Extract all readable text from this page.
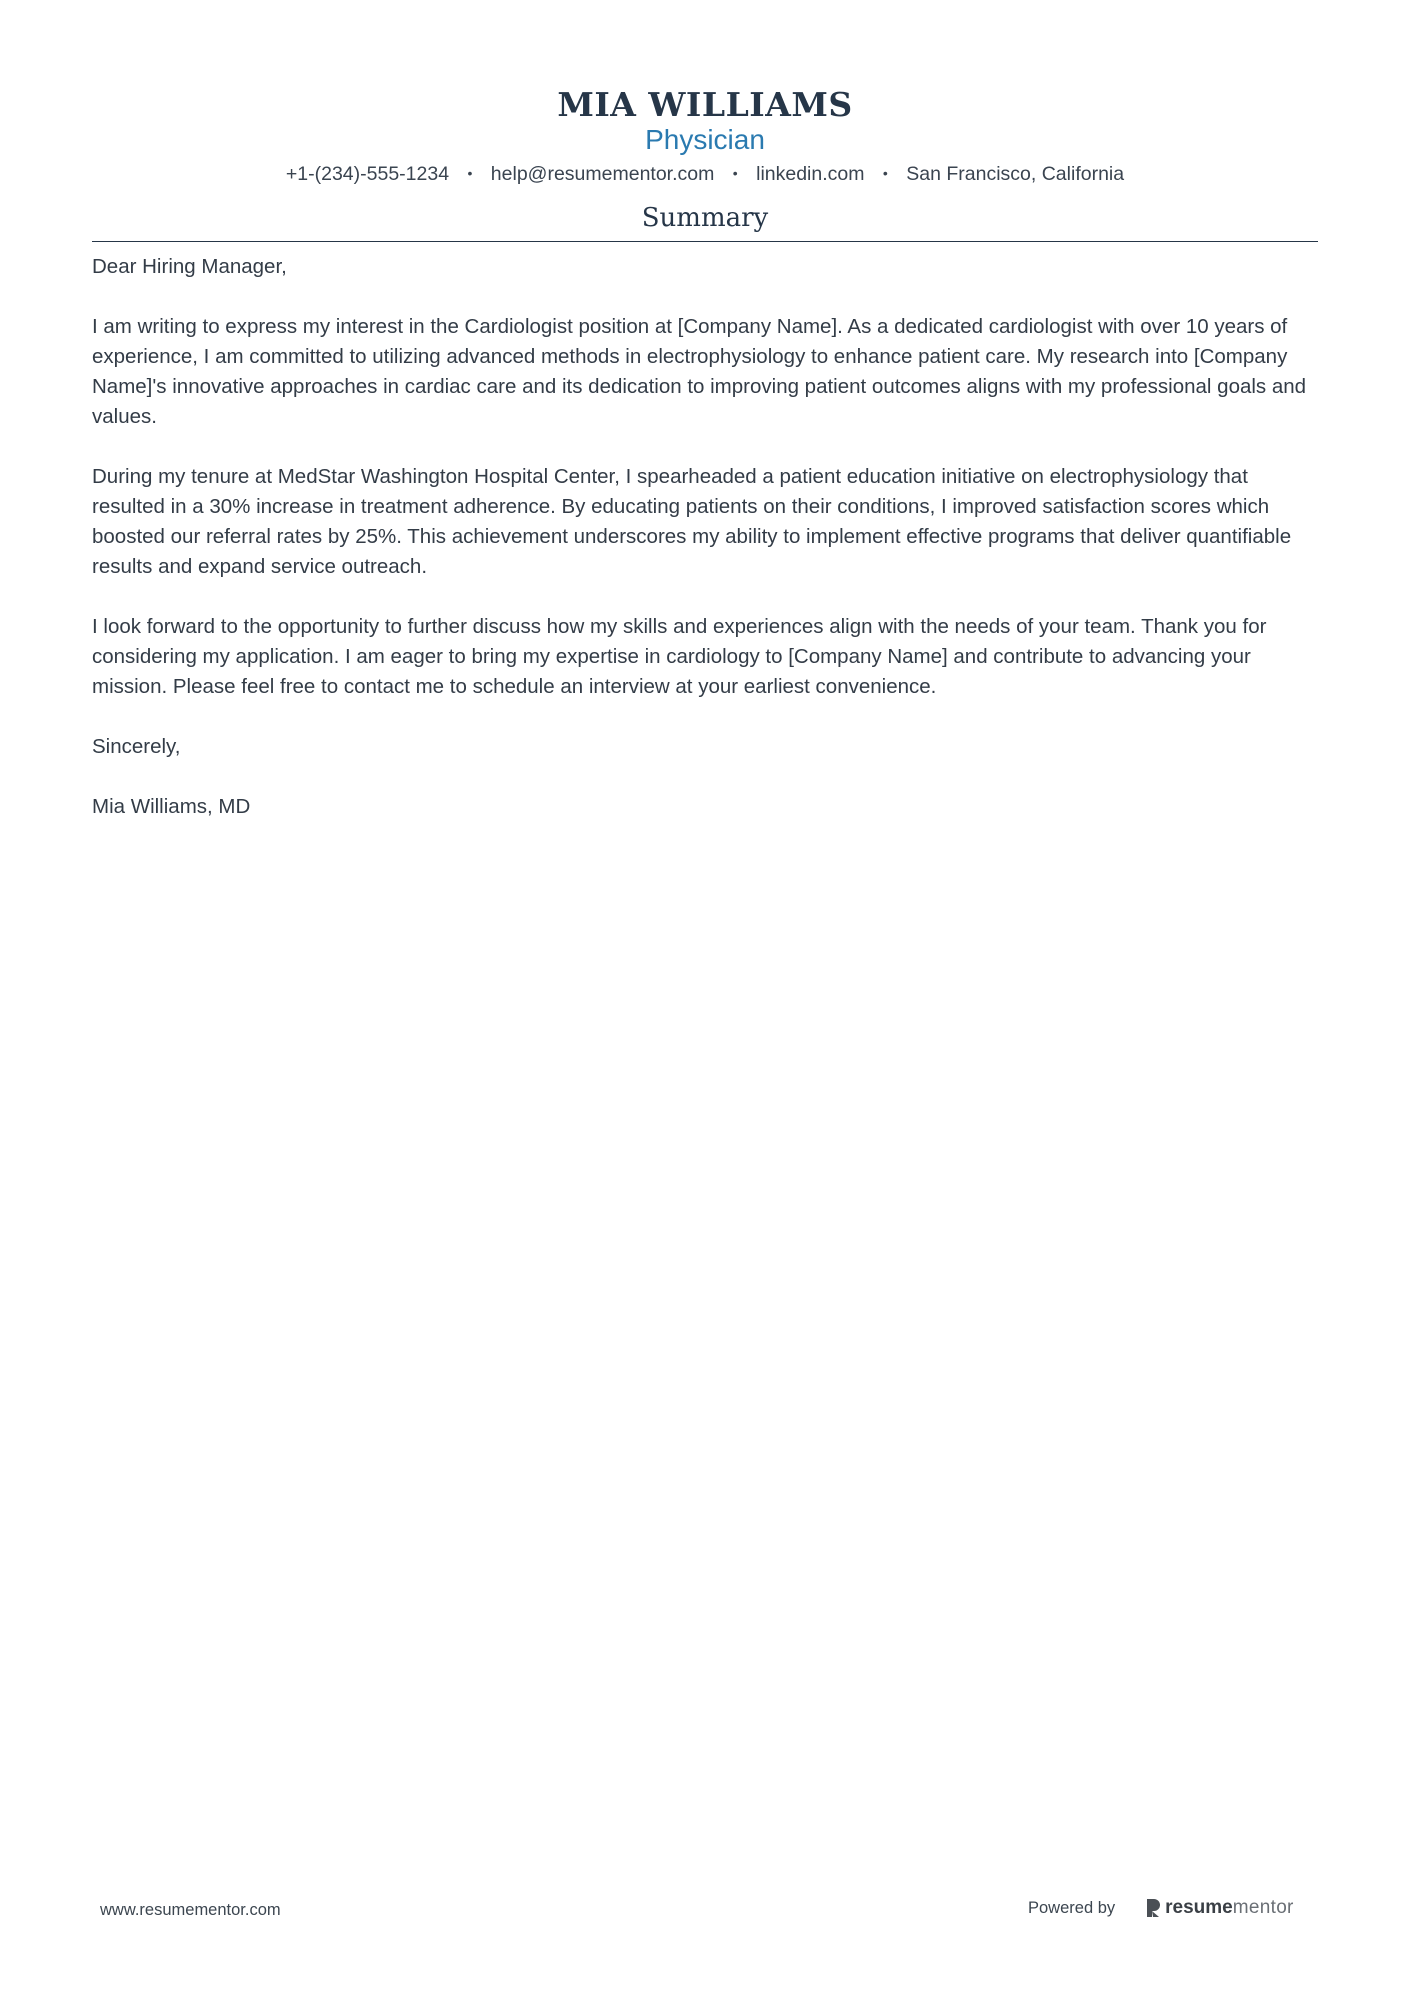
MIA WILLIAMS
Physician
+1-(234)-555-1234 • help@resumementor.com • linkedin.com • San Francisco, California
Summary

Dear Hiring Manager,

I am writing to express my interest in the Cardiologist position at [Company Name]. As a dedicated cardiologist with over 10 years of experience, I am committed to utilizing advanced methods in electrophysiology to enhance patient care. My research into [Company Name]'s innovative approaches in cardiac care and its dedication to improving patient outcomes aligns with my professional goals and values.

During my tenure at MedStar Washington Hospital Center, I spearheaded a patient education initiative on electrophysiology that resulted in a 30% increase in treatment adherence. By educating patients on their conditions, I improved satisfaction scores which boosted our referral rates by 25%. This achievement underscores my ability to implement effective programs that deliver quantifiable results and expand service outreach.

I look forward to the opportunity to further discuss how my skills and experiences align with the needs of your team. Thank you for considering my application. I am eager to bring my expertise in cardiology to [Company Name] and contribute to advancing your mission. Please feel free to contact me to schedule an interview at your earliest convenience.

Sincerely,

Mia Williams, MD

www.resumementor.com	Powered by	resume mentor
